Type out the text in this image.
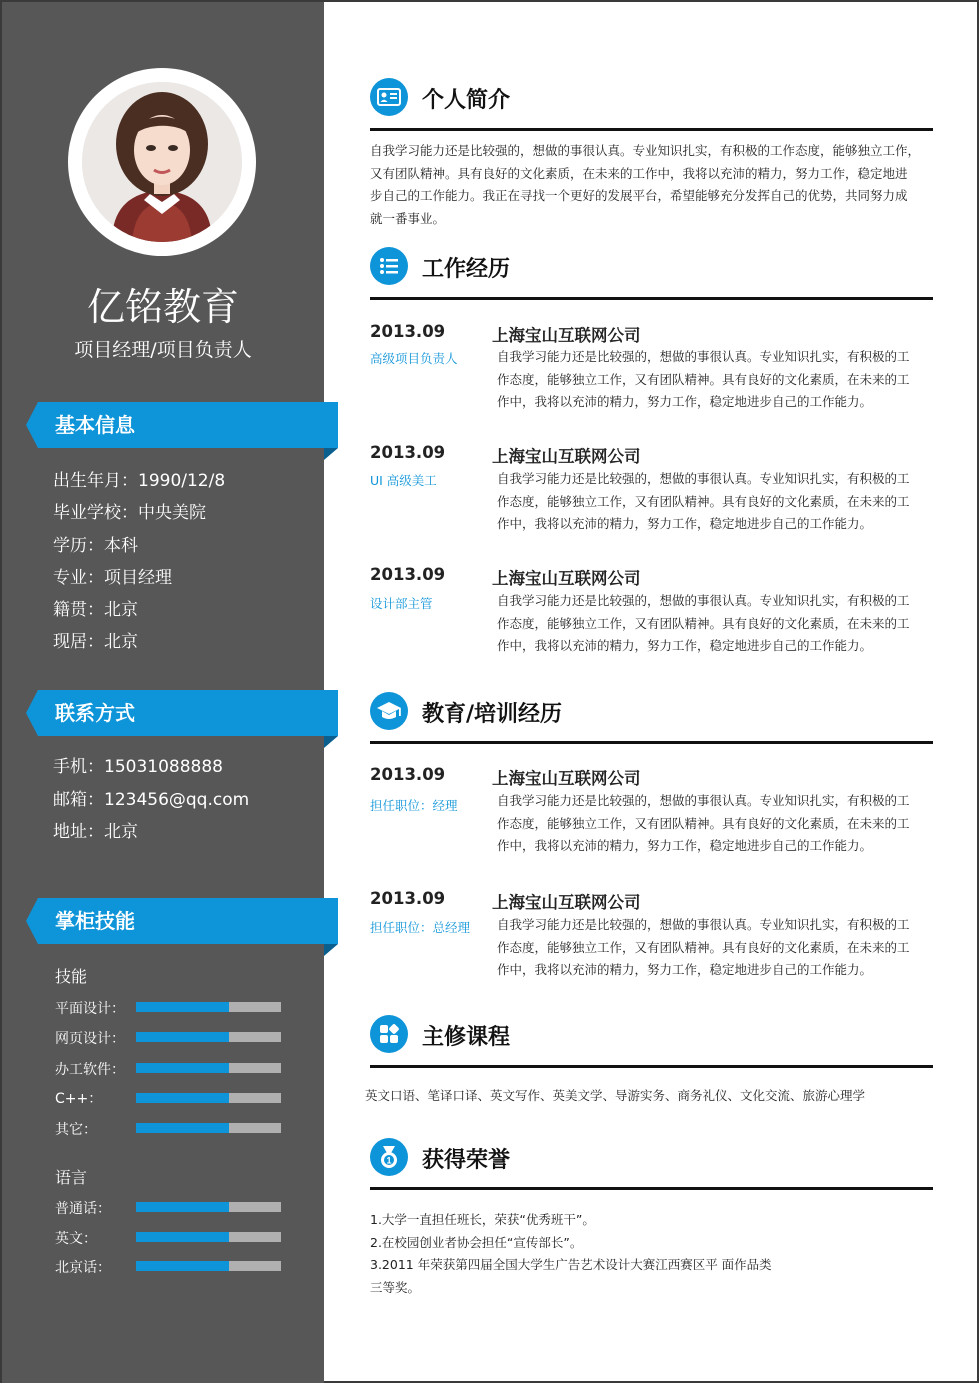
亿铭教育
项目经理/项目负责人
基本信息
出生年月：1990/12/8
毕业学校：中央美院
学历：本科
专业：项目经理
籍贯：北京
现居：北京
联系方式
手机：15031088888
邮箱：123456@qq.com
地址：北京
掌柜技能
技能
平面设计：
网页设计：
办工软件：
C++：
其它：
语言
普通话：
英文：
北京话：
个人简介
自我学习能力还是比较强的，想做的事很认真。专业知识扎实，有积极的工作态度，能够独立工作，
又有团队精神。具有良好的文化素质，在未来的工作中，我将以充沛的精力，努力工作，稳定地进
步自己的工作能力。我正在寻找一个更好的发展平台，希望能够充分发挥自己的优势，共同努力成
就一番事业。
工作经历
2013.09	上海宝山互联网公司
高级项目负责人	自我学习能力还是比较强的，想做的事很认真。专业知识扎实，有积极的工
作态度，能够独立工作，又有团队精神。具有良好的文化素质，在未来的工
作中，我将以充沛的精力，努力工作，稳定地进步自己的工作能力。
2013.09	上海宝山互联网公司
UI 高级美工	自我学习能力还是比较强的，想做的事很认真。专业知识扎实，有积极的工
作态度，能够独立工作，又有团队精神。具有良好的文化素质，在未来的工
作中，我将以充沛的精力，努力工作，稳定地进步自己的工作能力。
2013.09	上海宝山互联网公司
设计部主管	自我学习能力还是比较强的，想做的事很认真。专业知识扎实，有积极的工
作态度，能够独立工作，又有团队精神。具有良好的文化素质，在未来的工
作中，我将以充沛的精力，努力工作，稳定地进步自己的工作能力。
教育/培训经历
2013.09	上海宝山互联网公司
担任职位：经理	自我学习能力还是比较强的，想做的事很认真。专业知识扎实，有积极的工
作态度，能够独立工作，又有团队精神。具有良好的文化素质，在未来的工
作中，我将以充沛的精力，努力工作，稳定地进步自己的工作能力。
2013.09	上海宝山互联网公司
担任职位：总经理 自我学习能力还是比较强的，想做的事很认真。专业知识扎实，有积极的工
作态度，能够独立工作，又有团队精神。具有良好的文化素质，在未来的工
作中，我将以充沛的精力，努力工作，稳定地进步自己的工作能力。
主修课程
英文口语、笔译口译、英文写作、英美文学、导游实务、商务礼仪、文化交流、旅游心理学
1 获得荣誉
1.大学一直担任班长，荣获“优秀班干”。
2.在校园创业者协会担任“宣传部长”。
3.2011 年荣获第四届全国大学生广告艺术设计大赛江西赛区平 面作品类
三等奖。
